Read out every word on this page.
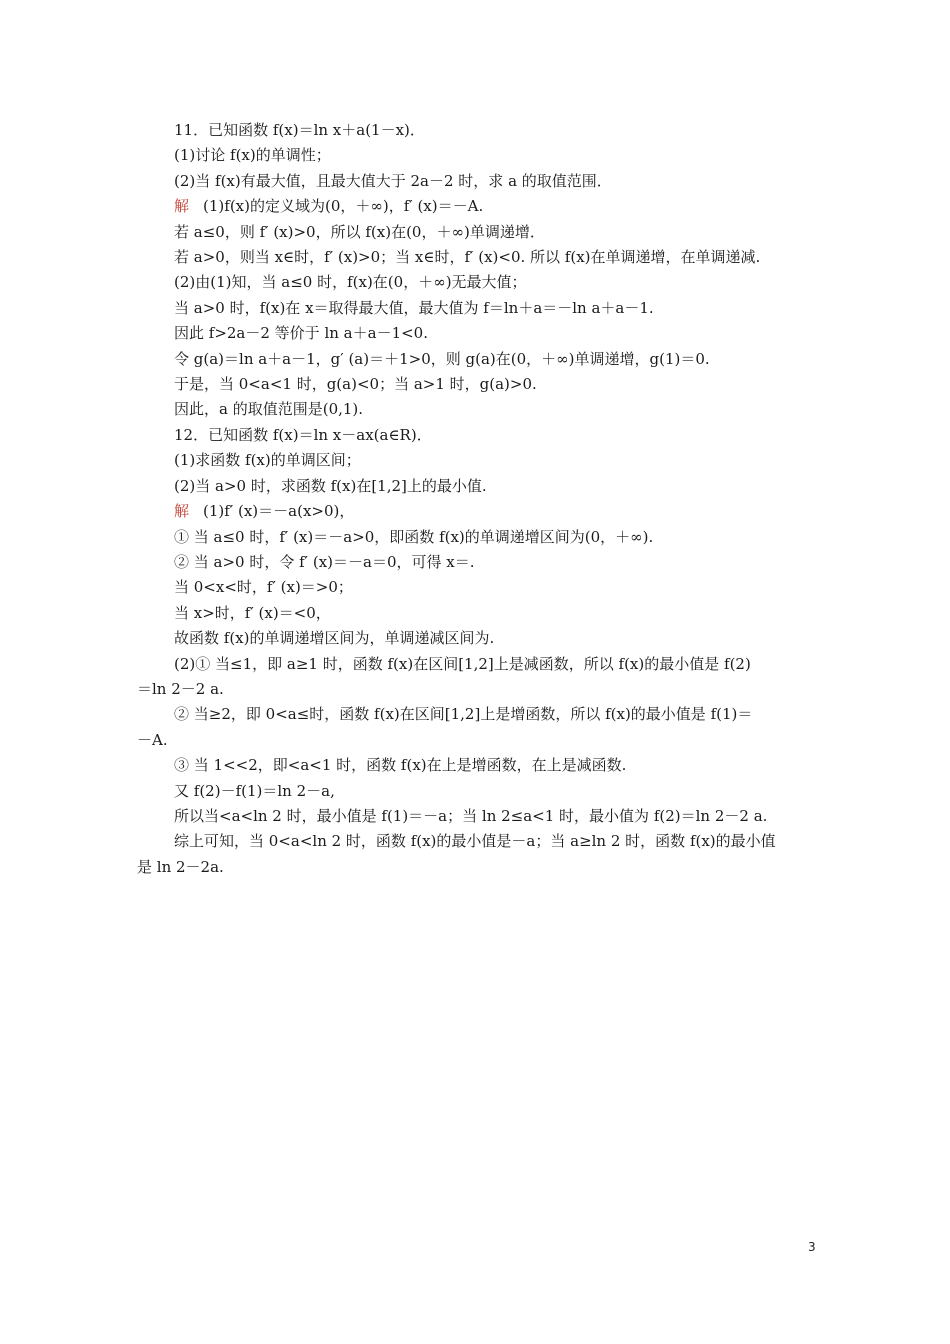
11．已知函数 f(x)＝ln x＋a(1－x)．
(1)讨论 f(x)的单调性；
(2)当 f(x)有最大值，且最大值大于 2a－2 时，求 a 的取值范围．
解 (1)f(x)的定义域为(0，＋∞)，f′ (x)＝－A.
若 a≤0，则 f′ (x)>0，所以 f(x)在(0，＋∞)单调递增．
若 a>0，则当 x∈时，f′ (x)>0；当 x∈时，f′ (x)<0. 所以 f(x)在单调递增，在单调递减.
(2)由(1)知，当 a≤0 时，f(x)在(0，＋∞)无最大值；
当 a>0 时，f(x)在 x＝取得最大值，最大值为 f＝ln＋a＝－ln a＋a－1.
因此 f>2a－2 等价于 ln a＋a－1<0.
令 g(a)＝ln a＋a－1，g′ (a)＝＋1>0，则 g(a)在(0，＋∞)单调递增，g(1)＝0.
于是，当 0<a<1 时，g(a)<0；当 a>1 时，g(a)>0.
因此，a 的取值范围是(0,1).
12．已知函数 f(x)＝ln x－ax(a∈R)．
(1)求函数 f(x)的单调区间；
(2)当 a>0 时，求函数 f(x)在[1,2]上的最小值.
解 (1)f′ (x)＝－a(x>0)，
① 当 a≤0 时，f′ (x)＝－a>0，即函数 f(x)的单调递增区间为(0，＋∞).
② 当 a>0 时，令 f′ (x)＝－a＝0，可得 x＝.
当 0<x<时，f′ (x)＝>0；
当 x>时，f′ (x)＝<0，
故函数 f(x)的单调递增区间为，单调递减区间为.
(2)① 当≤1，即 a≥1 时，函数 f(x)在区间[1,2]上是减函数，所以 f(x)的最小值是 f(2)
＝ln 2－2 a.
② 当≥2，即 0<a≤时，函数 f(x)在区间[1,2]上是增函数，所以 f(x)的最小值是 f(1)＝
－A.
③ 当 1<<2，即<a<1 时，函数 f(x)在上是增函数，在上是减函数.
又 f(2)－f(1)＝ln 2－a,
所以当<a<ln 2 时，最小值是 f(1)＝－a；当 ln 2≤a<1 时，最小值为 f(2)＝ln 2－2 a.
综上可知，当 0<a<ln 2 时，函数 f(x)的最小值是－a；当 a≥ln 2 时，函数 f(x)的最小值
是 ln 2－2a.
3
